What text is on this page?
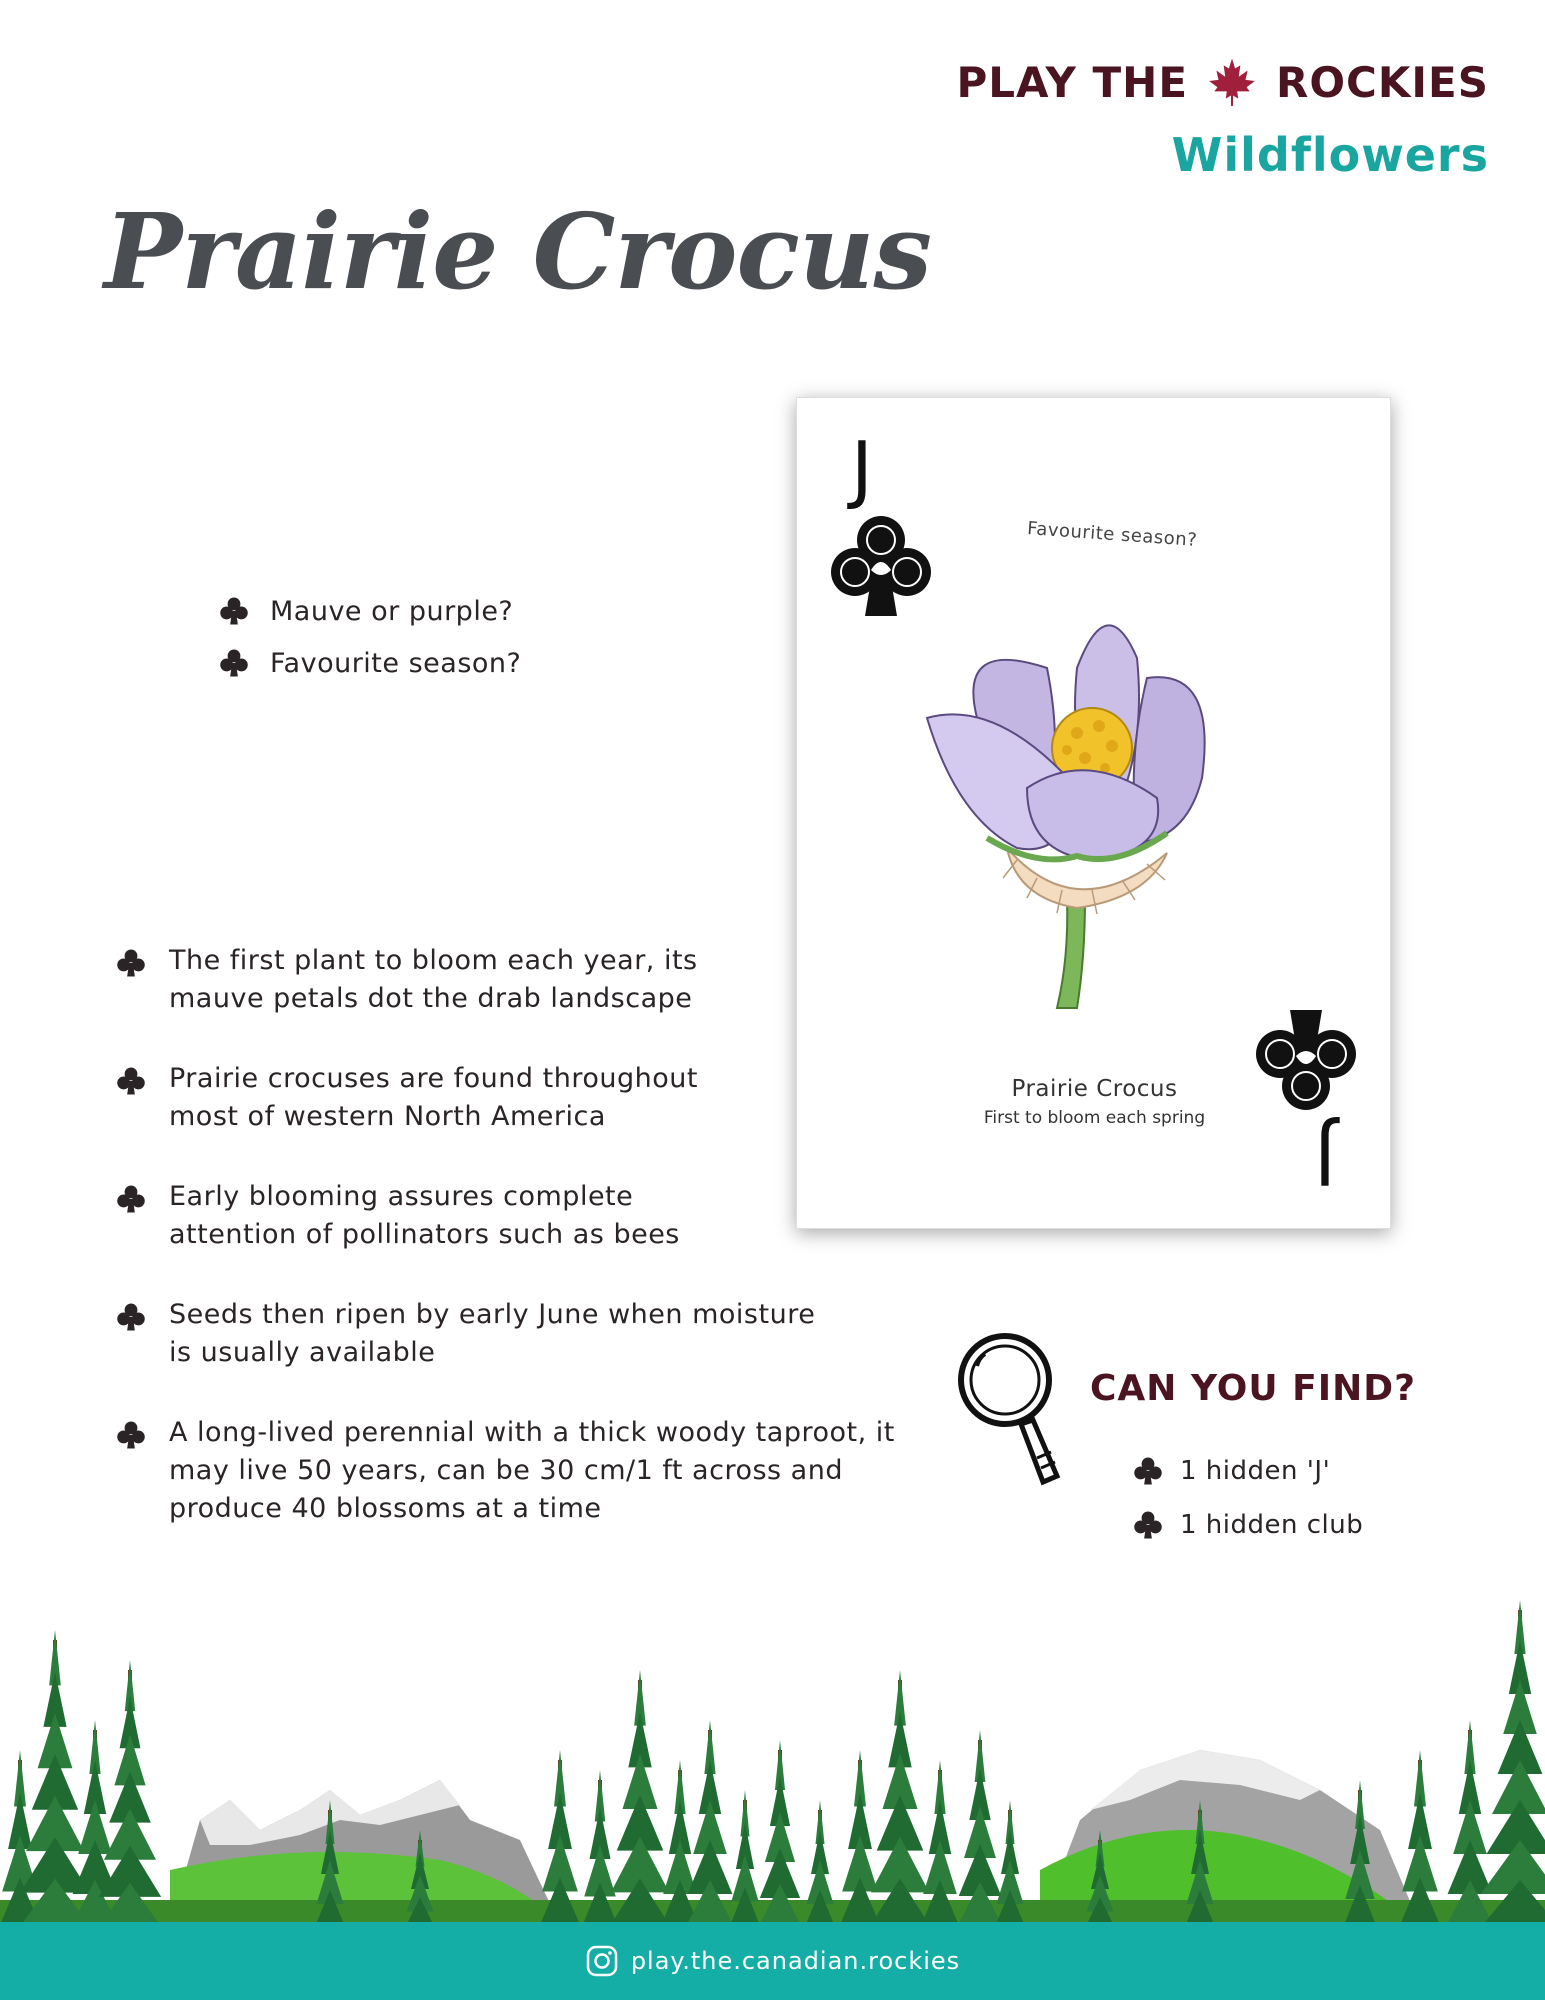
PLAY THE ROCKIES
Wildflowers
Prairie Crocus
Mauve or purple?
Favourite season?
The first plant to bloom each year, its mauve petals dot the drab landscape
Prairie crocuses are found throughout most of western North America
Early blooming assures complete attention of pollinators such as bees
Seeds then ripen by early June when moisture is usually available
A long-lived perennial with a thick woody taproot, it may live 50 years, can be 30 cm/1 ft across and produce 40 blossoms at a time
J
Favourite season?
Prairie Crocus
First to bloom each spring	J
CAN YOU FIND?
1 hidden 'J'
1 hidden club
play.the.canadian.rockies
